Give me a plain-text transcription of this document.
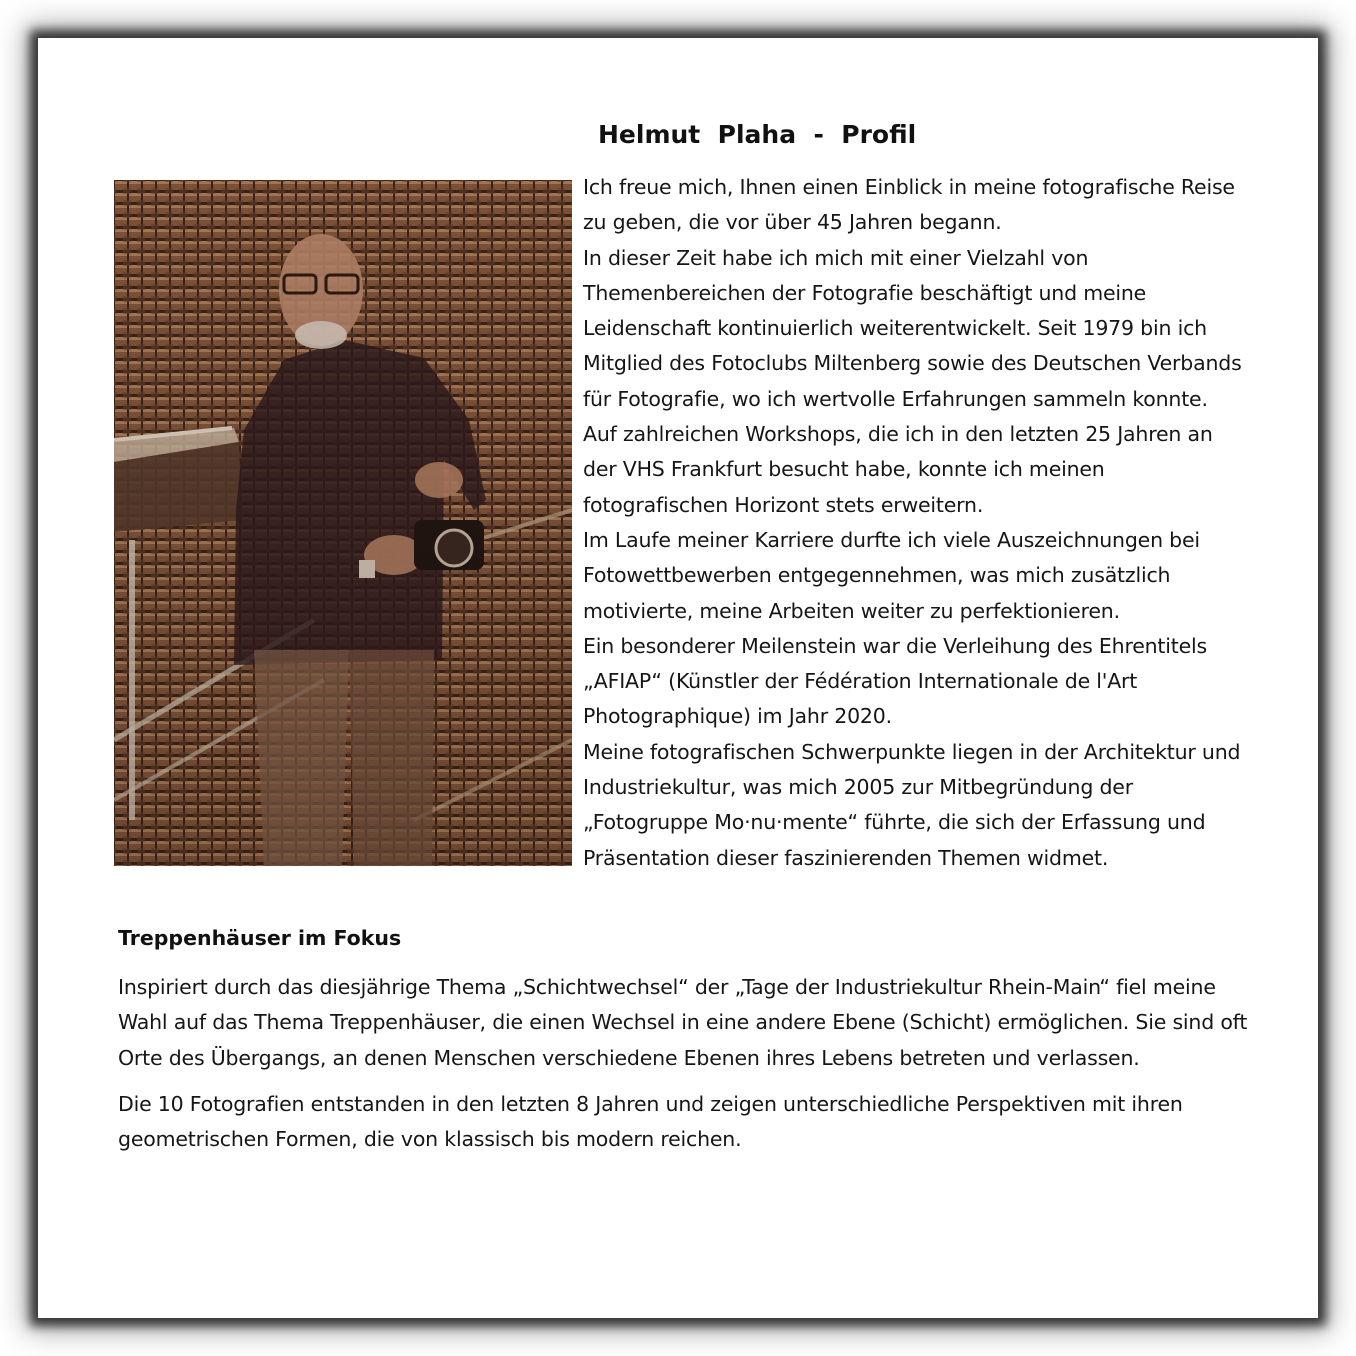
Helmut  Plaha  -  Profil

Ich freue mich, Ihnen einen Einblick in meine fotografische Reise zu geben, die vor über 45 Jahren begann.

In dieser Zeit habe ich mich mit einer Vielzahl von Themenbereichen der Fotografie beschäftigt und meine Leidenschaft kontinuierlich weiterentwickelt. Seit 1979 bin ich Mitglied des Fotoclubs Miltenberg sowie des Deutschen Verbands für Fotografie, wo ich wertvolle Erfahrungen sammeln konnte.

Auf zahlreichen Workshops, die ich in den letzten 25 Jahren an der VHS Frankfurt besucht habe, konnte ich meinen fotografischen Horizont stets erweitern.

Im Laufe meiner Karriere durfte ich viele Auszeichnungen bei Fotowettbewerben entgegennehmen, was mich zusätzlich motivierte, meine Arbeiten weiter zu perfektionieren.

Ein besonderer Meilenstein war die Verleihung des Ehrentitels „AFIAP“ (Künstler der Fédération Internationale de l'Art Photographique) im Jahr 2020.

Meine fotografischen Schwerpunkte liegen in der Architektur und Industriekultur, was mich 2005 zur Mitbegründung der „Fotogruppe Mo·nu·mente“ führte, die sich der Erfassung und Präsentation dieser faszinierenden Themen widmet.

Treppenhäuser im Fokus

Inspiriert durch das diesjährige Thema „Schichtwechsel“ der „Tage der Industriekultur Rhein-Main“ fiel meine Wahl auf das Thema Treppenhäuser, die einen Wechsel in eine andere Ebene (Schicht) ermöglichen. Sie sind oft Orte des Übergangs, an denen Menschen verschiedene Ebenen ihres Lebens betreten und verlassen.

Die 10 Fotografien entstanden in den letzten 8 Jahren und zeigen unterschiedliche Perspektiven mit ihren geometrischen Formen, die von klassisch bis modern reichen.
